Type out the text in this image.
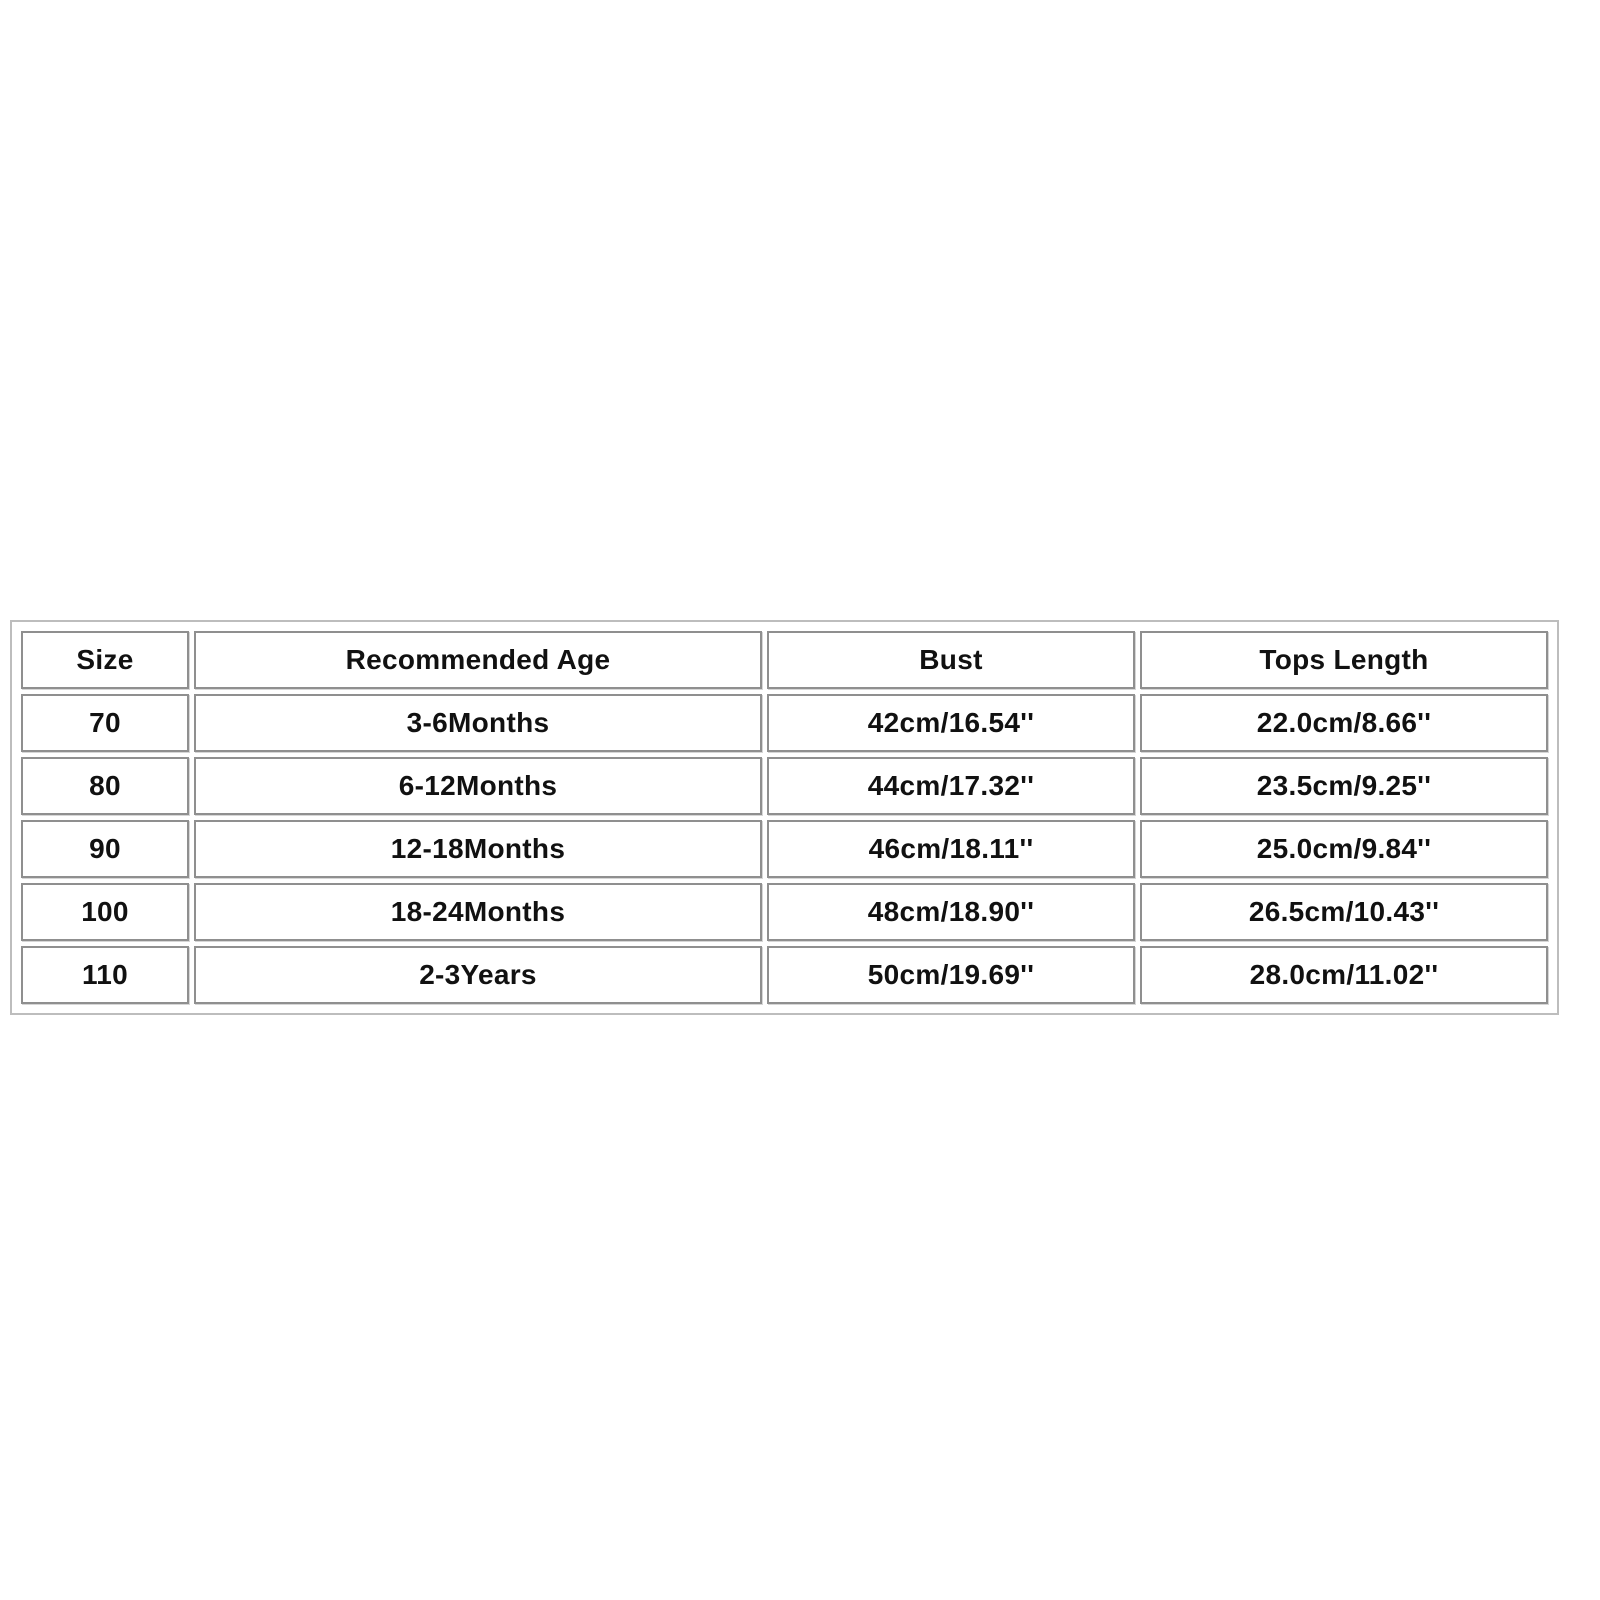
Size	Recommended Age	Bust	Tops Length
70	3-6Months	42cm/16.54''	22.0cm/8.66''
80	6-12Months	44cm/17.32''	23.5cm/9.25''
90	12-18Months	46cm/18.11''	25.0cm/9.84''
100	18-24Months	48cm/18.90''	26.5cm/10.43''
110	2-3Years	50cm/19.69''	28.0cm/11.02''
